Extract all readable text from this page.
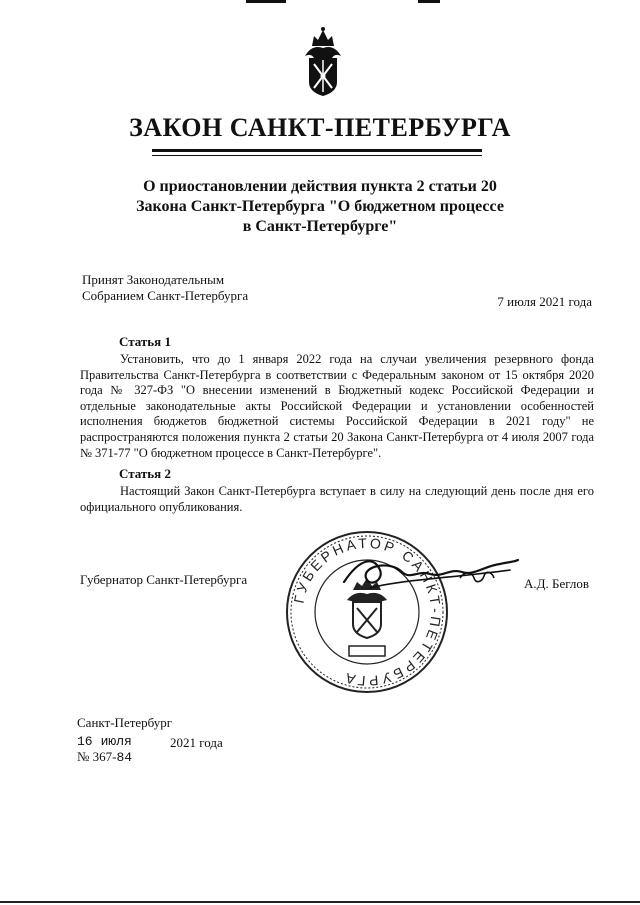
ЗАКОН САНКТ-ПЕТЕРБУРГА
О приостановлении действия пункта 2 статьи 20
Закона Санкт-Петербурга "О бюджетном процессе
в Санкт-Петербурге"
Принят Законодательным
Собранием Санкт-Петербурга	7 июля 2021 года
Статья 1
Установить, что до 1 января 2022 года на случаи увеличения резервного фонда Правительства Санкт-Петербурга в соответствии с Федеральным законом от 15 октября 2020 года № 327-ФЗ "О внесении изменений в Бюджетный кодекс Российской Федерации и отдельные законодательные акты Российской Федерации и установлении особенностей исполнения бюджетов бюджетной системы Российской Федерации в 2021 году" не распространяются положения пункта 2 статьи 20 Закона Санкт-Петербурга от 4 июля 2007 года № 371-77 "О бюджетном процессе в Санкт-Петербурге".
Статья 2
Настоящий Закон Санкт-Петербурга вступает в силу на следующий день после дня его официального опубликования.
Губернатор Санкт-Петербурга
ГУБЕРНАТОР САНКТ-ПЕТЕРБУРГА
А.Д. Беглов
Санкт-Петербург
16 июля	2021 года
№ 367-84
